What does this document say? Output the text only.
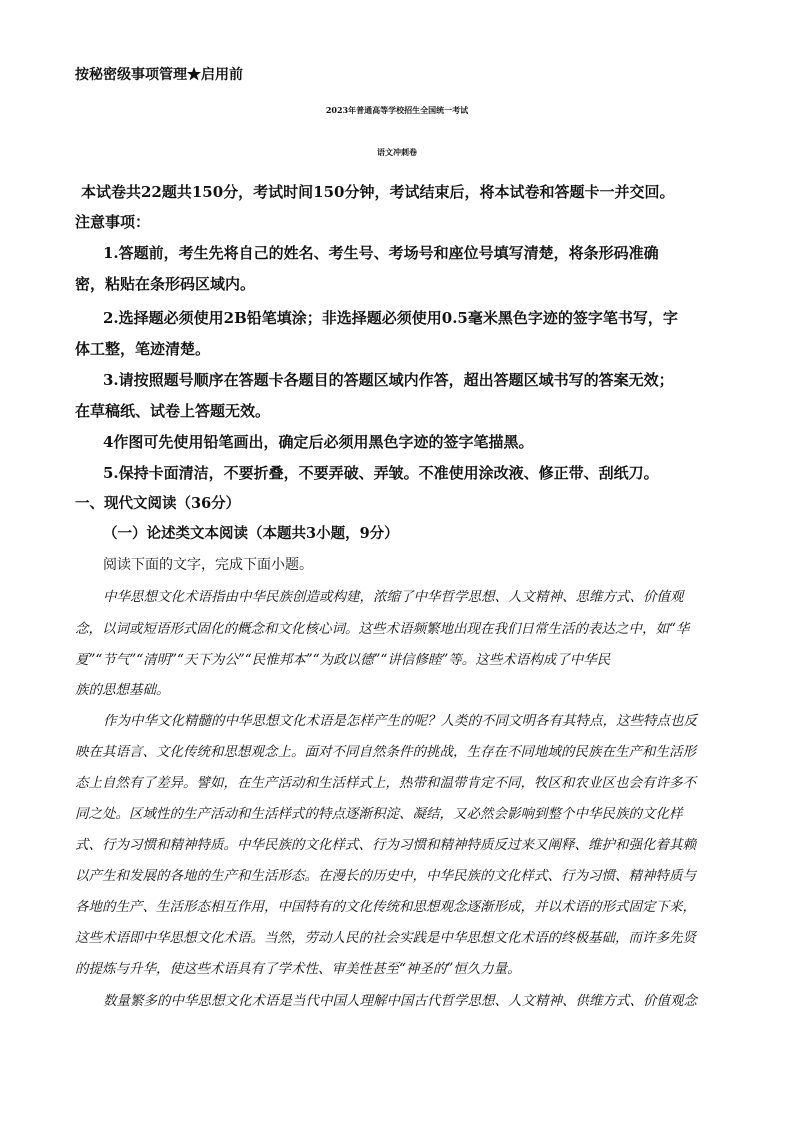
按秘密级事项管理★启用前
2023年普通高等学校招生全国统一考试
语文冲刺卷
本试卷共22题共150分，考试时间150分钟，考试结束后，将本试卷和答题卡一并交回。
注意事项：
1.答题前，考生先将自己的姓名、考生号、考场号和座位号填写清楚，将条形码准确
密，粘贴在条形码区域内。
2.选择题必须使用2B铅笔填涂；非选择题必须使用0.5毫米黑色字迹的签字笔书写，字
体工整，笔迹清楚。
3.请按照题号顺序在答题卡各题目的答题区域内作答，超出答题区域书写的答案无效；
在草稿纸、试卷上答题无效。
4作图可先使用铅笔画出，确定后必须用黑色字迹的签字笔描黑。
5.保持卡面清洁，不要折叠，不要弄破、弄皱。不准使用涂改液、修正带、刮纸刀。
一、现代文阅读（36分）
（一）论述类文本阅读（本题共3小题，9分）
阅读下面的文字，完成下面小题。
中华思想文化术语指由中华民族创造或构建，浓缩了中华哲学思想、人文精神、思维方式、价值观
念，以词或短语形式固化的概念和文化核心词。这些术语频繁地出现在我们日常生活的表达之中，如“华
夏”“节气”“清明”“天下为公”“民惟邦本”“为政以德”“讲信修睦”等。这些术语构成了中华民
族的思想基础。
作为中华文化精髓的中华思想文化术语是怎样产生的呢？人类的不同文明各有其特点，这些特点也反
映在其语言、文化传统和思想观念上。面对不同自然条件的挑战，生存在不同地域的民族在生产和生活形
态上自然有了差异。譬如，在生产活动和生活样式上，热带和温带肯定不同，牧区和农业区也会有许多不
同之处。区域性的生产活动和生活样式的特点逐渐积淀、凝结，又必然会影响到整个中华民族的文化样
式、行为习惯和精神特质。中华民族的文化样式、行为习惯和精神特质反过来又阐释、维护和强化着其赖
以产生和发展的各地的生产和生活形态。在漫长的历史中，中华民族的文化样式、行为习惯、精神特质与
各地的生产、生活形态相互作用，中国特有的文化传统和思想观念逐渐形成，并以术语的形式固定下来，
这些术语即中华思想文化术语。当然，劳动人民的社会实践是中华思想文化术语的终极基础，而许多先贤
的提炼与升华，使这些术语具有了学术性、审美性甚至“神圣的”恒久力量。
数量繁多的中华思想文化术语是当代中国人理解中国古代哲学思想、人文精神、供维方式、价值观念
